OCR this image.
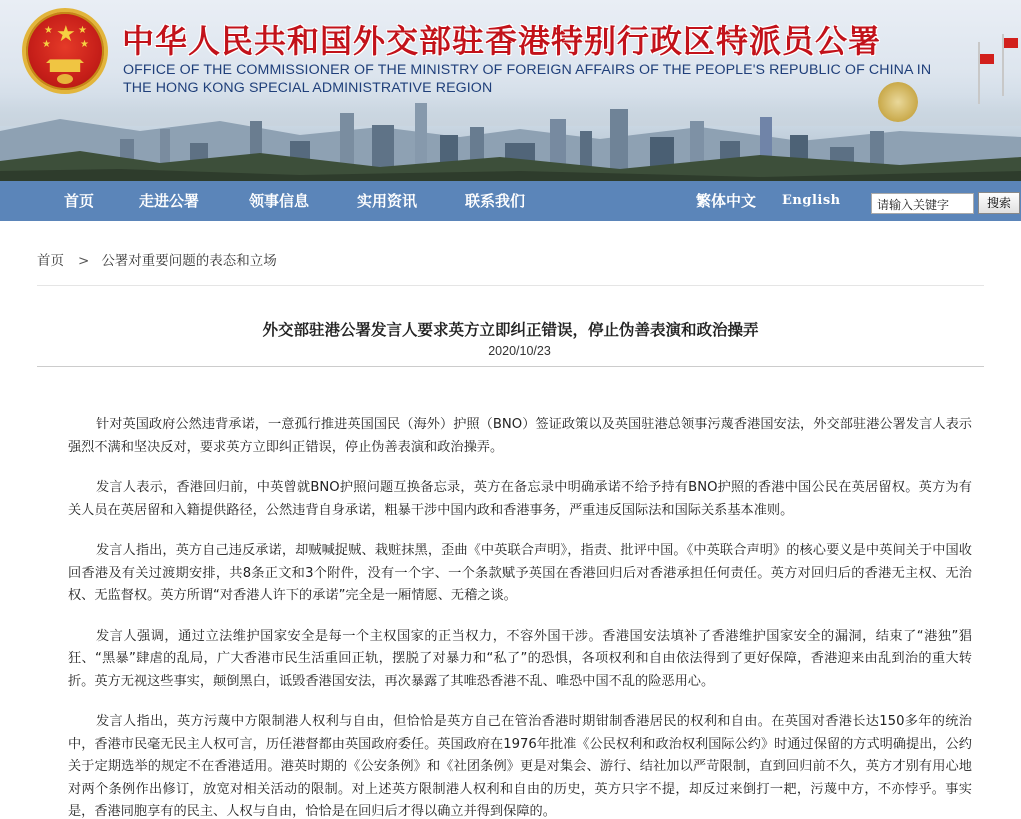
★
★
★
★
★ 中华人民共和国外交部驻香港特别行政区特派员公署
OFFICE OF THE COMMISSIONER OF THE MINISTRY OF FOREIGN AFFAIRS OF THE PEOPLE'S REPUBLIC OF CHINA IN
THE HONG KONG SPECIAL ADMINISTRATIVE REGION
首页	走进公署	领事信息	实用资讯	联系我们	繁体中文 English	请输入关键字	搜索
首页 > 公署对重要问题的表态和立场
外交部驻港公署发言人要求英方立即纠正错误，停止伪善表演和政治操弄
2020/10/23

针对英国政府公然违背承诺，一意孤行推进英国国民（海外）护照（BNO）签证政策以及英国驻港总领事污蔑香港国安法，外交部驻港公署发言人表示强烈不满和坚决反对，要求英方立即纠正错误，停止伪善表演和政治操弄。

发言人表示，香港回归前，中英曾就BNO护照问题互换备忘录，英方在备忘录中明确承诺不给予持有BNO护照的香港中国公民在英居留权。英方为有关人员在英居留和入籍提供路径，公然违背自身承诺，粗暴干涉中国内政和香港事务，严重违反国际法和国际关系基本准则。

发言人指出，英方自己违反承诺，却贼喊捉贼、栽赃抹黑，歪曲《中英联合声明》，指责、批评中国。《中英联合声明》的核心要义是中英间关于中国收回香港及有关过渡期安排，共8条正文和3个附件，没有一个字、一个条款赋予英国在香港回归后对香港承担任何责任。英方对回归后的香港无主权、无治权、无监督权。英方所谓“对香港人许下的承诺”完全是一厢情愿、无稽之谈。

发言人强调，通过立法维护国家安全是每一个主权国家的正当权力，不容外国干涉。香港国安法填补了香港维护国家安全的漏洞，结束了“港独”猖狂、“黑暴”肆虐的乱局，广大香港市民生活重回正轨，摆脱了对暴力和“私了”的恐惧，各项权利和自由依法得到了更好保障，香港迎来由乱到治的重大转折。英方无视这些事实，颠倒黑白，诋毁香港国安法，再次暴露了其唯恐香港不乱、唯恐中国不乱的险恶用心。

发言人指出，英方污蔑中方限制港人权利与自由，但恰恰是英方自己在管治香港时期钳制香港居民的权利和自由。在英国对香港长达150多年的统治中，香港市民毫无民主人权可言，历任港督都由英国政府委任。英国政府在1976年批准《公民权利和政治权利国际公约》时通过保留的方式明确提出，公约关于定期选举的规定不在香港适用。港英时期的《公安条例》和《社团条例》更是对集会、游行、结社加以严苛限制，直到回归前不久，英方才别有用心地对两个条例作出修订，放宽对相关活动的限制。对上述英方限制港人权利和自由的历史，英方只字不提，却反过来倒打一耙，污蔑中方，不亦悖乎。事实是，香港同胞享有的民主、人权与自由，恰恰是在回归后才得以确立并得到保障的。
